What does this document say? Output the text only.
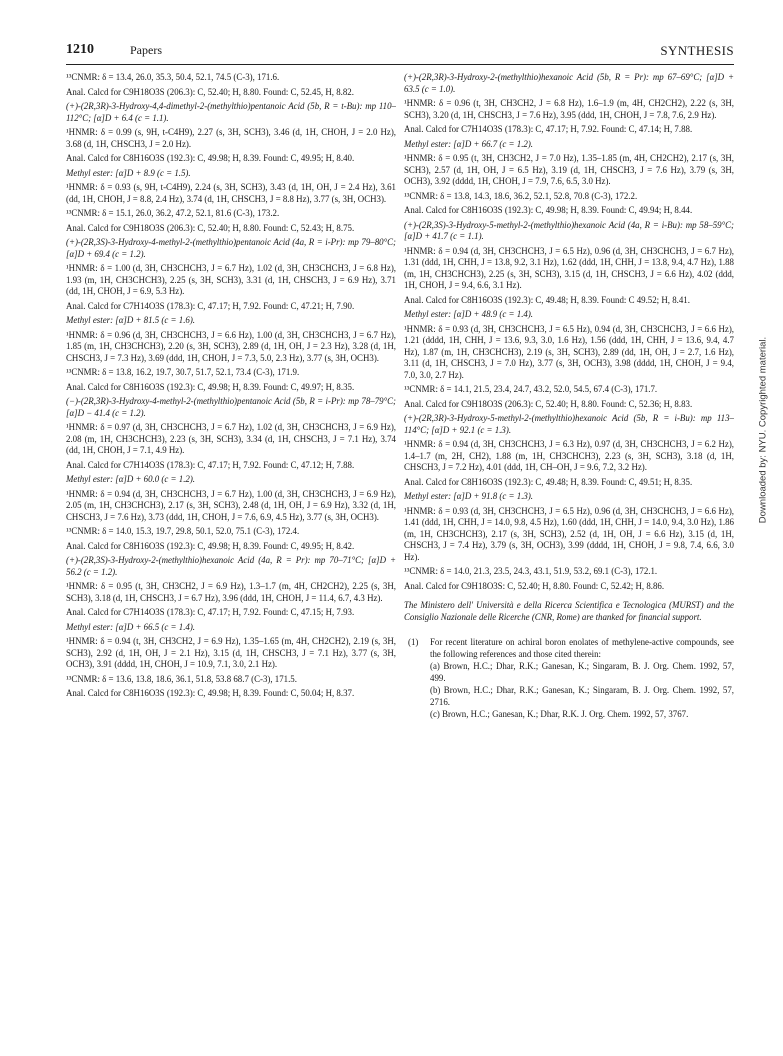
1210	Papers	SYNTHESIS

¹³CNMR: δ = 13.4, 26.0, 35.3, 50.4, 52.1, 74.5 (C-3), 171.6.

Anal. Calcd for C9H18O3S (206.3): C, 52.40; H, 8.80. Found: C, 52.45, H, 8.82.

(+)-(2R,3R)-3-Hydroxy-4,4-dimethyl-2-(methylthio)pentanoic Acid (5b, R = t-Bu): mp 110–112°C; [α]D + 6.4 (c = 1.1).

¹HNMR: δ = 0.99 (s, 9H, t-C4H9), 2.27 (s, 3H, SCH3), 3.46 (d, 1H, CHOH, J = 2.0 Hz), 3.68 (d, 1H, CHSCH3, J = 2.0 Hz).

Anal. Calcd for C8H16O3S (192.3): C, 49.98; H, 8.39. Found: C, 49.95; H, 8.40.

Methyl ester: [α]D + 8.9 (c = 1.5).

¹HNMR: δ = 0.93 (s, 9H, t-C4H9), 2.24 (s, 3H, SCH3), 3.43 (d, 1H, OH, J = 2.4 Hz), 3.61 (dd, 1H, CHOH, J = 8.8, 2.4 Hz), 3.74 (d, 1H, CHSCH3, J = 8.8 Hz), 3.77 (s, 3H, OCH3).

¹³CNMR: δ = 15.1, 26.0, 36.2, 47.2, 52.1, 81.6 (C-3), 173.2.

Anal. Calcd for C9H18O3S (206.3): C, 52.40; H, 8.80. Found: C, 52.43; H, 8.75.

(+)-(2R,3S)-3-Hydroxy-4-methyl-2-(methylthio)pentanoic Acid (4a, R = i-Pr): mp 79–80°C; [α]D + 69.4 (c = 1.2).

¹HNMR: δ = 1.00 (d, 3H, CH3CHCH3, J = 6.7 Hz), 1.02 (d, 3H, CH3CHCH3, J = 6.8 Hz), 1.93 (m, 1H, CH3CHCH3), 2.25 (s, 3H, SCH3), 3.31 (d, 1H, CHSCH3, J = 6.9 Hz), 3.71 (dd, 1H, CHOH, J = 6.9, 5.3 Hz).

Anal. Calcd for C7H14O3S (178.3): C, 47.17; H, 7.92. Found: C, 47.21; H, 7.90.

Methyl ester: [α]D + 81.5 (c = 1.6).

¹HNMR: δ = 0.96 (d, 3H, CH3CHCH3, J = 6.6 Hz), 1.00 (d, 3H, CH3CHCH3, J = 6.7 Hz), 1.85 (m, 1H, CH3CHCH3), 2.20 (s, 3H, SCH3), 2.89 (d, 1H, OH, J = 2.3 Hz), 3.28 (d, 1H, CHSCH3, J = 7.3 Hz), 3.69 (ddd, 1H, CHOH, J = 7.3, 5.0, 2.3 Hz), 3.77 (s, 3H, OCH3).

¹³CNMR: δ = 13.8, 16.2, 19.7, 30.7, 51.7, 52.1, 73.4 (C-3), 171.9.

Anal. Calcd for C8H16O3S (192.3): C, 49.98; H, 8.39. Found: C, 49.97; H, 8.35.

(−)-(2R,3R)-3-Hydroxy-4-methyl-2-(methylthio)pentanoic Acid (5b, R = i-Pr): mp 78–79°C; [α]D − 41.4 (c = 1.2).

¹HNMR: δ = 0.97 (d, 3H, CH3CHCH3, J = 6.7 Hz), 1.02 (d, 3H, CH3CHCH3, J = 6.9 Hz), 2.08 (m, 1H, CH3CHCH3), 2.23 (s, 3H, SCH3), 3.34 (d, 1H, CHSCH3, J = 7.1 Hz), 3.74 (dd, 1H, CHOH, J = 7.1, 4.9 Hz).

Anal. Calcd for C7H14O3S (178.3): C, 47.17; H, 7.92. Found: C, 47.12; H, 7.88.

Methyl ester: [α]D + 60.0 (c = 1.2).

¹HNMR: δ = 0.94 (d, 3H, CH3CHCH3, J = 6.7 Hz), 1.00 (d, 3H, CH3CHCH3, J = 6.9 Hz), 2.05 (m, 1H, CH3CHCH3), 2.17 (s, 3H, SCH3), 2.48 (d, 1H, OH, J = 6.9 Hz), 3.32 (d, 1H, CHSCH3, J = 7.6 Hz), 3.73 (ddd, 1H, CHOH, J = 7.6, 6.9, 4.5 Hz), 3.77 (s, 3H, OCH3).

¹³CNMR: δ = 14.0, 15.3, 19.7, 29.8, 50.1, 52.0, 75.1 (C-3), 172.4.

Anal. Calcd for C8H16O3S (192.3): C, 49.98; H, 8.39. Found: C, 49.95; H, 8.42.

(+)-(2R,3S)-3-Hydroxy-2-(methylthio)hexanoic Acid (4a, R = Pr): mp 70–71°C; [α]D + 56.2 (c = 1.2).

¹HNMR: δ = 0.95 (t, 3H, CH3CH2, J = 6.9 Hz), 1.3–1.7 (m, 4H, CH2CH2), 2.25 (s, 3H, SCH3), 3.18 (d, 1H, CHSCH3, J = 6.7 Hz), 3.96 (ddd, 1H, CHOH, J = 11.4, 6.7, 4.3 Hz).

Anal. Calcd for C7H14O3S (178.3): C, 47.17; H, 7.92. Found: C, 47.15; H, 7.93.

Methyl ester: [α]D + 66.5 (c = 1.4).

¹HNMR: δ = 0.94 (t, 3H, CH3CH2, J = 6.9 Hz), 1.35–1.65 (m, 4H, CH2CH2), 2.19 (s, 3H, SCH3), 2.92 (d, 1H, OH, J = 2.1 Hz), 3.15 (d, 1H, CHSCH3, J = 7.1 Hz), 3.77 (s, 3H, OCH3), 3.91 (dddd, 1H, CHOH, J = 10.9, 7.1, 3.0, 2.1 Hz).

¹³CNMR: δ = 13.6, 13.8, 18.6, 36.1, 51.8, 53.8 68.7 (C-3), 171.5.

Anal. Calcd for C8H16O3S (192.3): C, 49.98; H, 8.39. Found: C, 50.04; H, 8.37.

(+)-(2R,3R)-3-Hydroxy-2-(methylthio)hexanoic Acid (5b, R = Pr): mp 67–69°C; [α]D + 63.5 (c = 1.0).

¹HNMR: δ = 0.96 (t, 3H, CH3CH2, J = 6.8 Hz), 1.6–1.9 (m, 4H, CH2CH2), 2.22 (s, 3H, SCH3), 3.20 (d, 1H, CHSCH3, J = 7.6 Hz), 3.95 (ddd, 1H, CHOH, J = 7.8, 7.6, 2.9 Hz).

Anal. Calcd for C7H14O3S (178.3): C, 47.17; H, 7.92. Found: C, 47.14; H, 7.88.

Methyl ester: [α]D + 66.7 (c = 1.2).

¹HNMR: δ = 0.95 (t, 3H, CH3CH2, J = 7.0 Hz), 1.35–1.85 (m, 4H, CH2CH2), 2.17 (s, 3H, SCH3), 2.57 (d, 1H, OH, J = 6.5 Hz), 3.19 (d, 1H, CHSCH3, J = 7.6 Hz), 3.79 (s, 3H, OCH3), 3.92 (dddd, 1H, CHOH, J = 7.9, 7.6, 6.5, 3.0 Hz).

¹³CNMR: δ = 13.8, 14.3, 18.6, 36.2, 52.1, 52.8, 70.8 (C-3), 172.2.

Anal. Calcd for C8H16O3S (192.3): C, 49.98; H, 8.39. Found: C, 49.94; H, 8.44.

(+)-(2R,3S)-3-Hydroxy-5-methyl-2-(methylthio)hexanoic Acid (4a, R = i-Bu): mp 58–59°C; [α]D + 41.7 (c = 1.1).

¹HNMR: δ = 0.94 (d, 3H, CH3CHCH3, J = 6.5 Hz), 0.96 (d, 3H, CH3CHCH3, J = 6.7 Hz), 1.31 (ddd, 1H, CHH, J = 13.8, 9.2, 3.1 Hz), 1.62 (ddd, 1H, CHH, J = 13.8, 9.4, 4.7 Hz), 1.88 (m, 1H, CH3CHCH3), 2.25 (s, 3H, SCH3), 3.15 (d, 1H, CHSCH3, J = 6.6 Hz), 4.02 (ddd, 1H, CHOH, J = 9.4, 6.6, 3.1 Hz).

Anal. Calcd for C8H16O3S (192.3): C, 49.48; H, 8.39. Found: C 49.52; H, 8.41.

Methyl ester: [α]D + 48.9 (c = 1.4).

¹HNMR: δ = 0.93 (d, 3H, CH3CHCH3, J = 6.5 Hz), 0.94 (d, 3H, CH3CHCH3, J = 6.6 Hz), 1.21 (dddd, 1H, CHH, J = 13.6, 9.3, 3.0, 1.6 Hz), 1.56 (ddd, 1H, CHH, J = 13.6, 9.4, 4.7 Hz), 1.87 (m, 1H, CH3CHCH3), 2.19 (s, 3H, SCH3), 2.89 (dd, 1H, OH, J = 2.7, 1.6 Hz), 3.11 (d, 1H, CHSCH3, J = 7.0 Hz), 3.77 (s, 3H, OCH3), 3.98 (dddd, 1H, CHOH, J = 9.4, 7.0, 3.0, 2.7 Hz).

¹³CNMR: δ = 14.1, 21.5, 23.4, 24.7, 43.2, 52.0, 54.5, 67.4 (C-3), 171.7.

Anal. Calcd for C9H18O3S (206.3): C, 52.40; H, 8.80. Found: C, 52.36; H, 8.83.

(+)-(2R,3R)-3-Hydroxy-5-methyl-2-(methylthio)hexanoic Acid (5b, R = i-Bu): mp 113–114°C; [α]D + 92.1 (c = 1.3).

¹HNMR: δ = 0.94 (d, 3H, CH3CHCH3, J = 6.3 Hz), 0.97 (d, 3H, CH3CHCH3, J = 6.2 Hz), 1.4–1.7 (m, 2H, CH2), 1.88 (m, 1H, CH3CHCH3), 2.23 (s, 3H, SCH3), 3.18 (d, 1H, CHSCH3, J = 7.2 Hz), 4.01 (ddd, 1H, CH–OH, J = 9.6, 7.2, 3.2 Hz).

Anal. Calcd for C8H16O3S (192.3): C, 49.48; H, 8.39. Found: C, 49.51; H, 8.35.

Methyl ester: [α]D + 91.8 (c = 1.3).

¹HNMR: δ = 0.93 (d, 3H, CH3CHCH3, J = 6.5 Hz), 0.96 (d, 3H, CH3CHCH3, J = 6.6 Hz), 1.41 (ddd, 1H, CHH, J = 14.0, 9.8, 4.5 Hz), 1.60 (ddd, 1H, CHH, J = 14.0, 9.4, 3.0 Hz), 1.86 (m, 1H, CH3CHCH3), 2.17 (s, 3H, SCH3), 2.52 (d, 1H, OH, J = 6.6 Hz), 3.15 (d, 1H, CHSCH3, J = 7.4 Hz), 3.79 (s, 3H, OCH3), 3.99 (dddd, 1H, CHOH, J = 9.8, 7.4, 6.6, 3.0 Hz).

¹³CNMR: δ = 14.0, 21.3, 23.5, 24.3, 43.1, 51.9, 53.2, 69.1 (C-3), 172.1.

Anal. Calcd for C9H18O3S: C, 52.40; H, 8.80. Found: C, 52.42; H, 8.86.

The Ministero dell' Università e della Ricerca Scientifica e Tecnologica (MURST) and the Consiglio Nazionale delle Ricerche (CNR, Rome) are thanked for financial support.

(1) For recent literature on achiral boron enolates of methylene-active compounds, see the following references and those cited therein:
(a) Brown, H.C.; Dhar, R.K.; Ganesan, K.; Singaram, B. J. Org. Chem. 1992, 57, 499.
(b) Brown, H.C.; Dhar, R.K.; Ganesan, K.; Singaram, B. J. Org. Chem. 1992, 57, 2716.
(c) Brown, H.C.; Ganesan, K.; Dhar, R.K. J. Org. Chem. 1992, 57, 3767.
Downloaded by: NYU. Copyrighted material.
